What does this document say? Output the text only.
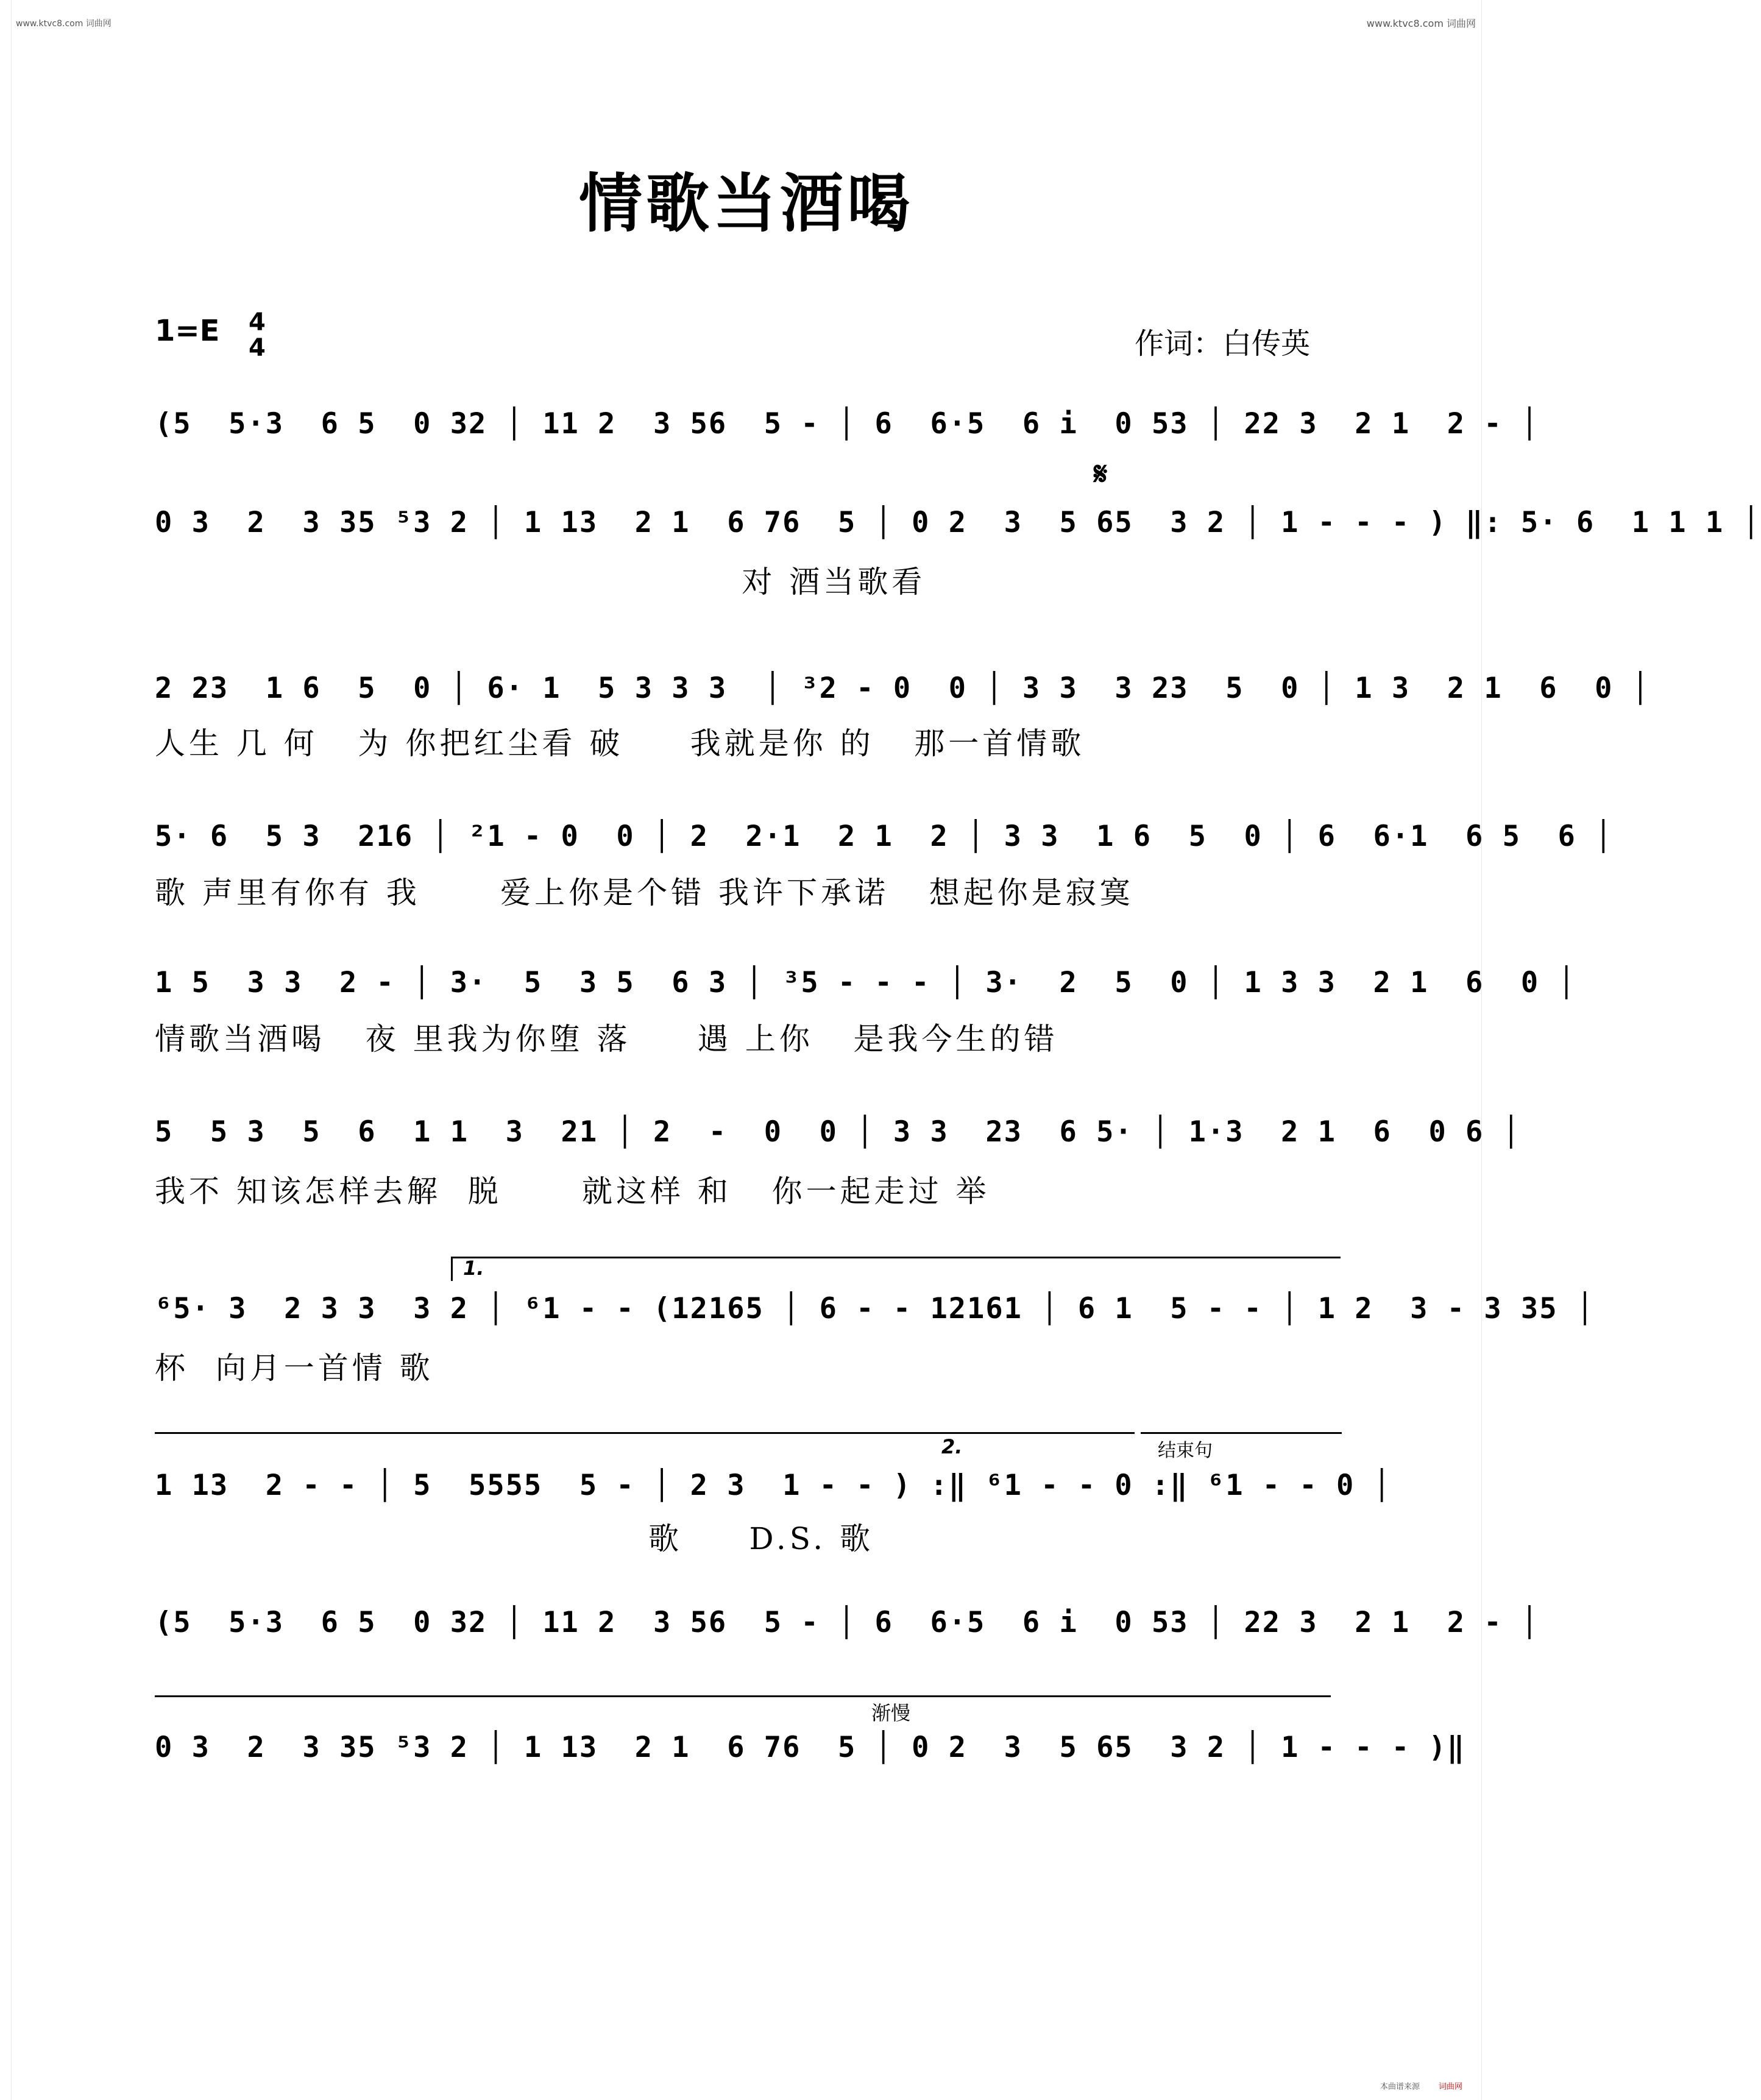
www.ktvc8.com 词曲网	www.ktvc8.com 词曲网
情歌当酒喝
1=E 4
4	作词：白传英
𝄋
(5  5·3  6 5  0 32 │ 11 2  3 56  5 - │ 6  6·5  6 i  0 53 │ 22 3  2 1  2 - │
0 3  2  3 35 ⁵3 2 │ 1 13  2 1  6 76  5 │ 0 2  3  5 65  3 2 │ 1 - - - ) ‖: 5· 6  1 1 1 │
对 酒当歌看
2 23  1 6  5  0 │ 6· 1  5 3 3 3  │ ³2 - 0  0 │ 3 3  3 23  5  0 │ 1 3  2 1  6  0 │
人生 几 何   为 你把红尘看 破     我就是你 的   那一首情歌
5· 6  5 3  216 │ ²1 - 0  0 │ 2  2·1  2 1  2 │ 3 3  1 6  5  0 │ 6  6·1  6 5  6 │
歌 声里有你有 我      爱上你是个错 我许下承诺   想起你是寂寞
1 5  3 3  2 - │ 3·  5  3 5  6 3 │ ³5 - - - │ 3·  2  5  0 │ 1 3 3  2 1  6  0 │
情歌当酒喝   夜 里我为你堕 落     遇 上你   是我今生的错
5  5 3  5  6  1 1  3  21 │ 2  -  0  0 │ 3 3  23  6 5· │ 1·3  2 1  6  0 6 │
我不 知该怎样去解  脱      就这样 和   你一起走过 举
1.
⁶5· 3  2 3 3  3 2 │ ⁶1 - - (12165 │ 6 - - 12161 │ 6 1  5 - - │ 1 2  3 - 3 35 │
杯  向月一首情 歌
2.	结束句
1 13  2 - - │ 5  5555  5 - │ 2 3  1 - - ) :‖ ⁶1 - - 0 :‖ ⁶1 - - 0 │
歌     D.S. 歌
(5  5·3  6 5  0 32 │ 11 2  3 56  5 - │ 6  6·5  6 i  0 53 │ 22 3  2 1  2 - │
渐慢
0 3  2  3 35 ⁵3 2 │ 1 13  2 1  6 76  5 │ 0 2  3  5 65  3 2 │ 1 - - - )‖
本曲谱来源 词曲网
